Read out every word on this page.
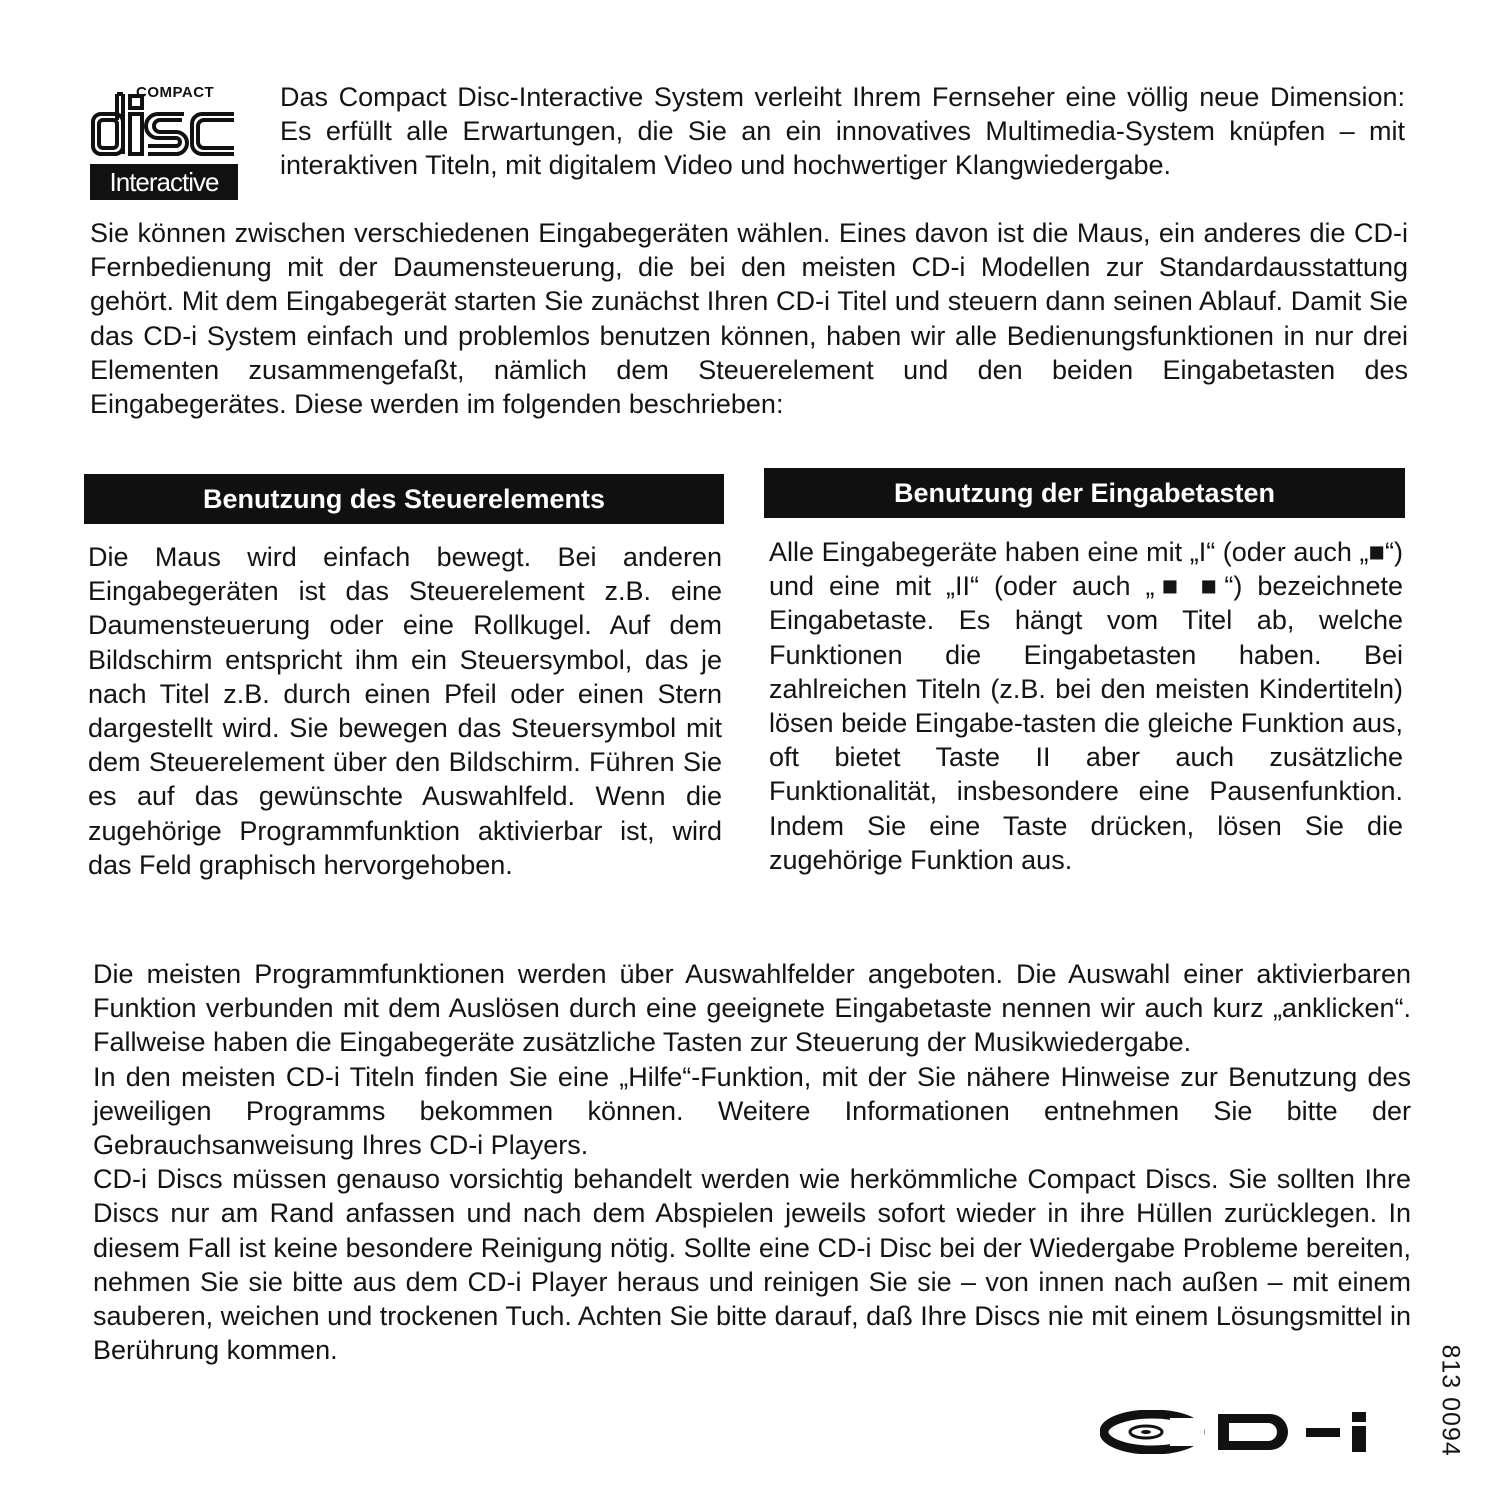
COMPACT
Interactive

Das Compact Disc-Interactive System verleiht Ihrem Fernseher eine völlig neue Dimension: Es erfüllt alle Erwartungen, die Sie an ein innovatives Multimedia-System knüpfen – mit interaktiven Titeln, mit digitalem Video und hochwertiger Klangwiedergabe.

Sie können zwischen verschiedenen Eingabegeräten wählen. Eines davon ist die Maus, ein anderes die CD-i Fernbedienung mit der Daumensteuerung, die bei den meisten CD-i Modellen zur Standardausstattung gehört. Mit dem Eingabegerät starten Sie zunächst Ihren CD-i Titel und steuern dann seinen Ablauf. Damit Sie das CD-i System einfach und problemlos benutzen können, haben wir alle Bedienungsfunktionen in nur drei Elementen zusammengefaßt, nämlich dem Steuerelement und den beiden Eingabetasten des Eingabegerätes. Diese werden im folgenden beschrieben:

Benutzung des Steuerelements	Benutzung der Eingabetasten

Die Maus wird einfach bewegt. Bei anderen Eingabegeräten ist das Steuerelement z.B. eine Daumensteuerung oder eine Rollkugel. Auf dem Bildschirm entspricht ihm ein Steuersymbol, das je nach Titel z.B. durch einen Pfeil oder einen Stern dargestellt wird. Sie bewegen das Steuersymbol mit dem Steuerelement über den Bildschirm. Führen Sie es auf das gewünschte Auswahlfeld. Wenn die zugehörige Programmfunktion aktivierbar ist, wird das Feld graphisch hervorgehoben.

Alle Eingabegeräte haben eine mit „I“ (oder auch „■“) und eine mit „II“ (oder auch „■ ■“) bezeichnete Eingabetaste. Es hängt vom Titel ab, welche Funktionen die Eingabetasten haben. Bei zahlreichen Titeln (z.B. bei den meisten Kindertiteln) lösen beide Eingabe-tasten die gleiche Funktion aus, oft bietet Taste II aber auch zusätzliche Funktionalität, insbesondere eine Pausenfunktion. Indem Sie eine Taste drücken, lösen Sie die zugehörige Funktion aus.

Die meisten Programmfunktionen werden über Auswahlfelder angeboten. Die Auswahl einer aktivierbaren Funktion verbunden mit dem Auslösen durch eine geeignete Eingabetaste nennen wir auch kurz „anklicken“. Fallweise haben die Eingabegeräte zusätzliche Tasten zur Steuerung der Musikwiedergabe.
In den meisten CD-i Titeln finden Sie eine „Hilfe“-Funktion, mit der Sie nähere Hinweise zur Benutzung des jeweiligen Programms bekommen können. Weitere Informationen entnehmen Sie bitte der Gebrauchsanweisung Ihres CD-i Players.
CD-i Discs müssen genauso vorsichtig behandelt werden wie herkömmliche Compact Discs. Sie sollten Ihre Discs nur am Rand anfassen und nach dem Abspielen jeweils sofort wieder in ihre Hüllen zurücklegen. In diesem Fall ist keine besondere Reinigung nötig. Sollte eine CD-i Disc bei der Wiedergabe Probleme bereiten, nehmen Sie sie bitte aus dem CD-i Player heraus und reinigen Sie sie – von innen nach außen – mit einem sauberen, weichen und trockenen Tuch. Achten Sie bitte darauf, daß Ihre Discs nie mit einem Lösungsmittel in Berührung kommen.	813 0094
